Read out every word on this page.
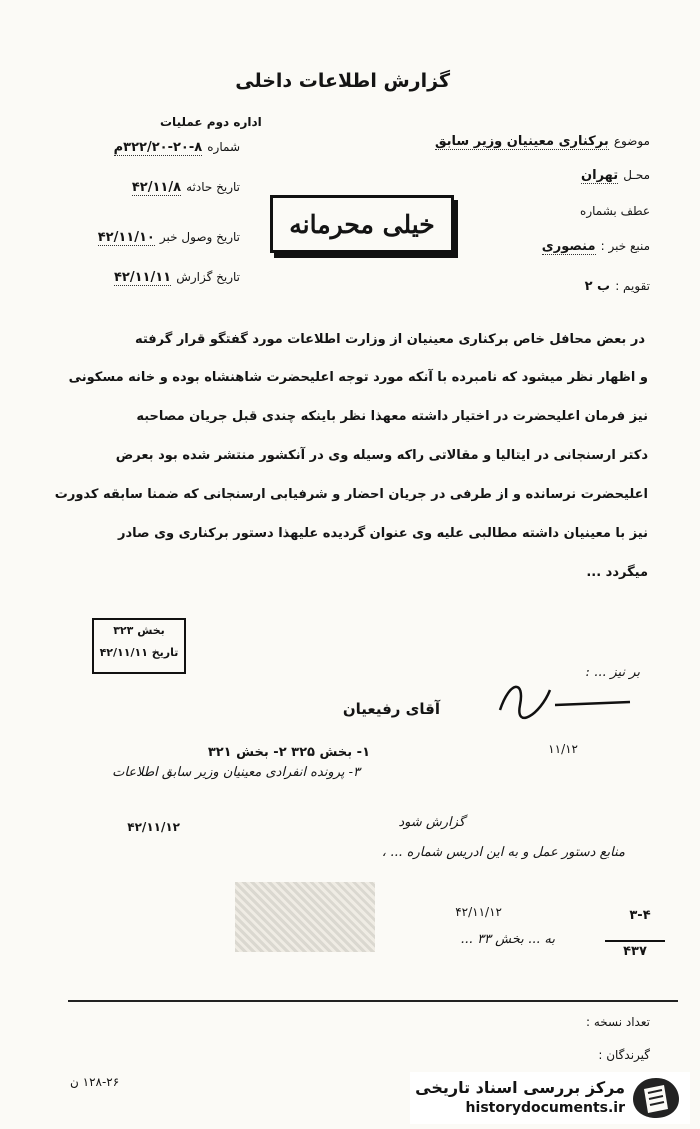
گزارش اطلاعات داخلی
اداره دوم عملیات
شماره ۳۲۲/۲۰-۲۰-۸م
تاریخ حادثه ۴۲/۱۱/۸
تاریخ وصول خبر ۴۲/۱۱/۱۰
تاریخ گزارش ۴۲/۱۱/۱۱
موضوع برکناری معینیان وزیر سابق
محـل تهران
عطف بشماره
منبع خبر : منصوری
تقویم : ب ۲
خیلی محرمانه
در بعض محافل خاص برکناری معینیان از وزارت اطلاعات مورد گفتگو قرار گرفته
و اظهار نظر میشود که نامبرده با آنکه مورد توجه اعلیحضرت شاهنشاه بوده و خانه مسکونی
نیز فرمان اعلیحضرت در اختیار داشته معهذا نظر باینکه چندی قبل جریان مصاحبه
دکتر ارسنجانی در ایتالیا و مقالاتی راکه وسیله وی در آنکشور منتشر شده بود بعرض
اعلیحضرت نرسانده و از طرفی در جریان احضار و شرفیابی ارسنجانی که ضمنا سابقه کدورت
نیز با معینیان داشته مطالبی علیه وی عنوان گردیده علیهذا دستور برکناری وی صادر
میگردد ...
بخش ۳۲۳
تاریخ ۴۲/۱۱/۱۱
بر نیز ... :
آقای رفیعیان
۱- بخش ۳۲۵ ۲- بخش ۳۲۱
۳- پرونده انفرادی معینیان وزیر سابق اطلاعات
۴۲/۱۱/۱۲
۱۱/۱۲
گزارش شود
منابع دستور عمل و به این ادریس شماره ... ،
۴۲/۱۱/۱۲
به ... بخش ۳۳ ...
۳-۴
۴۳۷
تعداد نسخه :
گیرندگان :
۱۲۸-۲۶ ن	مرکز بررسی اسناد تاریخی
historydocuments.ir
